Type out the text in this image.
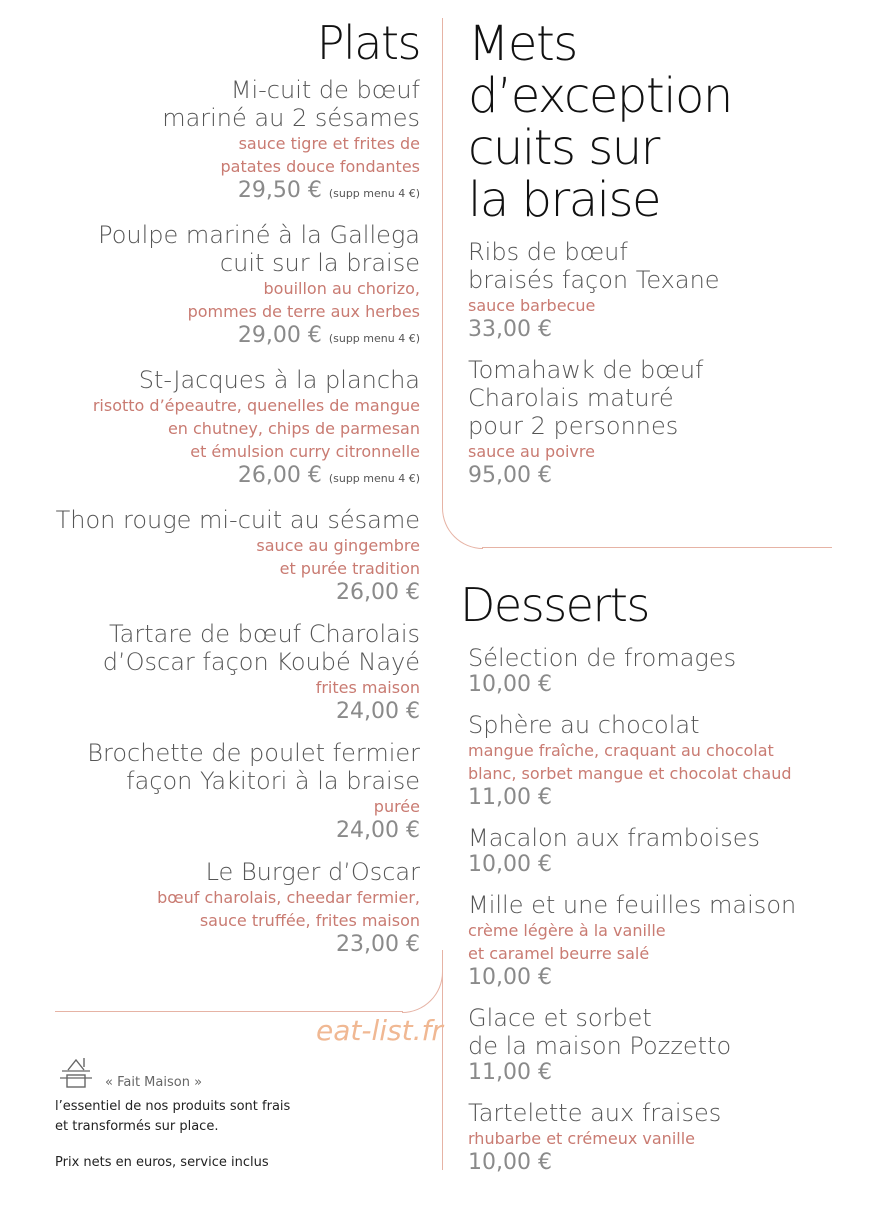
Plats
Mi-cuit de bœuf
mariné au 2 sésames
sauce tigre et frites de
patates douce fondantes
29,50 € (supp menu 4 €)
Poulpe mariné à la Gallega
cuit sur la braise
bouillon au chorizo,
pommes de terre aux herbes
29,00 € (supp menu 4 €)
St-Jacques à la plancha
risotto d’épeautre, quenelles de mangue
en chutney, chips de parmesan
et émulsion curry citronnelle
26,00 € (supp menu 4 €)
Thon rouge mi-cuit au sésame
sauce au gingembre
et purée tradition
26,00 €
Tartare de bœuf Charolais
d’Oscar façon Koubé Nayé
frites maison
24,00 €
Brochette de poulet fermier
façon Yakitori à la braise
purée
24,00 €
Le Burger d’Oscar
bœuf charolais, cheedar fermier,
sauce truffée, frites maison
23,00 €
Mets
d’exception
cuits sur
la braise
Ribs de bœuf
braisés façon Texane
sauce barbecue
33,00 €
Tomahawk de bœuf
Charolais maturé
pour 2 personnes
sauce au poivre
95,00 €
Desserts
Sélection de fromages
10,00 €
Sphère au chocolat
mangue fraîche, craquant au chocolat
blanc, sorbet mangue et chocolat chaud
11,00 €
Macalon aux framboises
10,00 €
Mille et une feuilles maison
crème légère à la vanille
et caramel beurre salé
10,00 €
Glace et sorbet
de la maison Pozzetto
11,00 €
Tartelette aux fraises
rhubarbe et crémeux vanille
10,00 €
eat-list.fr
« Fait Maison »
l’essentiel de nos produits sont frais
et transformés sur place.
Prix nets en euros, service inclus
